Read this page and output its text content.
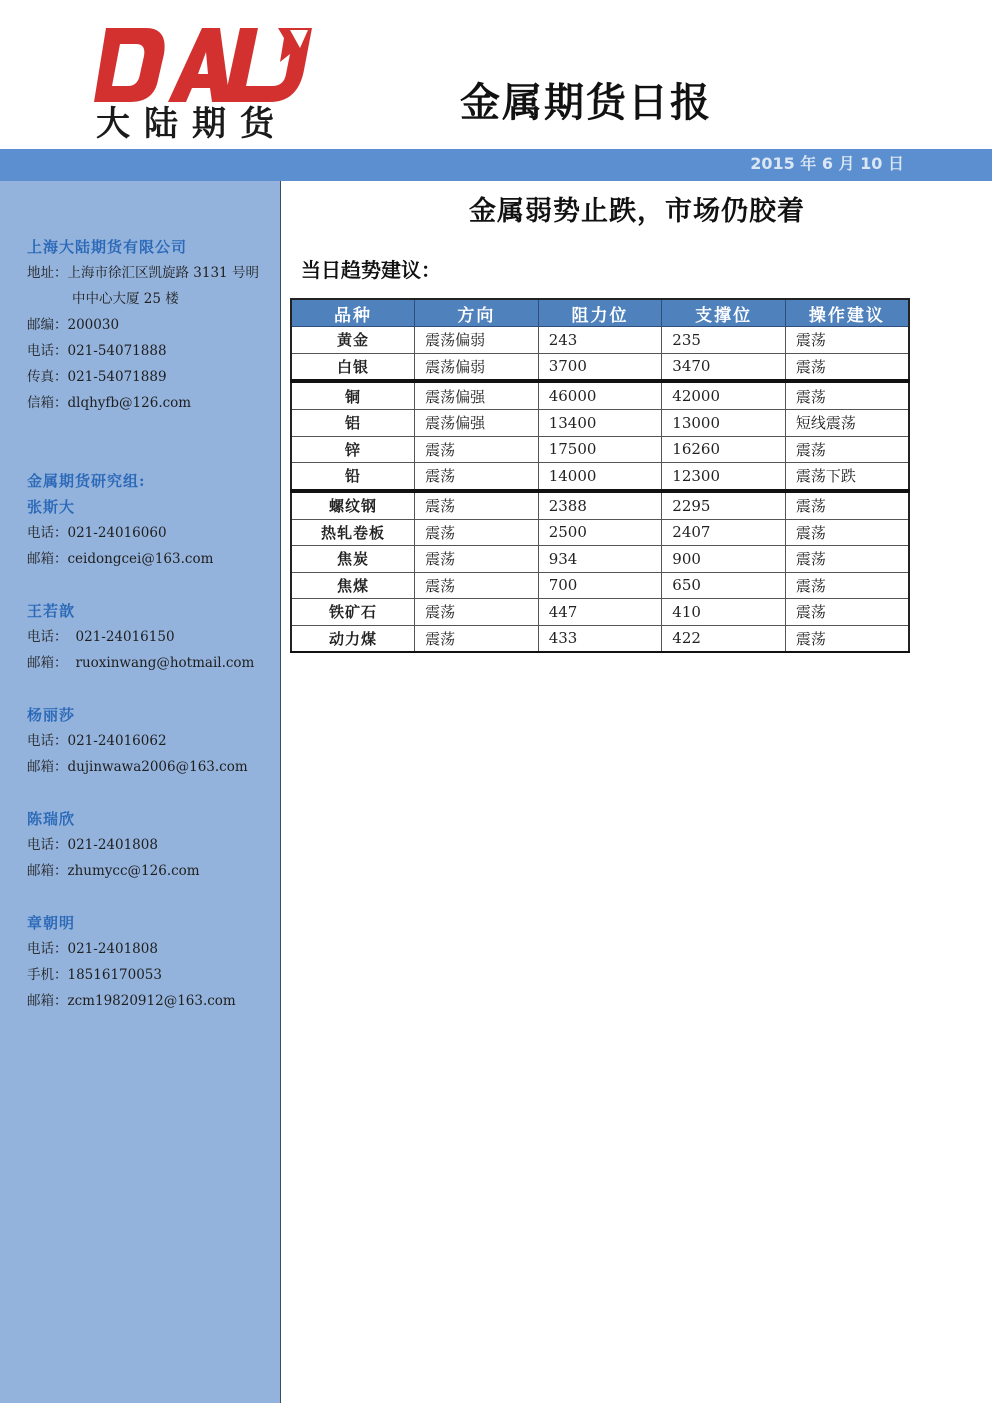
大陆期货	金属期货日报
2015 年 6 月 10 日
上海大陆期货有限公司
地址：上海市徐汇区凯旋路 3131 号明
中中心大厦 25 楼
邮编：200030
电话：021-54071888
传真：021-54071889
信箱：dlqhyfb@126.com
金属期货研究组:
张斯大
电话：021-24016060
邮箱：ceidongcei@163.com
王若歆
电话： 021-24016150
邮箱： ruoxinwang@hotmail.com
杨丽莎
电话：021-24016062
邮箱：dujinwawa2006@163.com
陈瑞欣
电话：021-2401808
邮箱：zhumycc@126.com
章朝明
电话：021-2401808
手机：18516170053
邮箱：zcm19820912@163.com
金属弱势止跌，市场仍胶着
当日趋势建议：
品种	方向	阻力位	支撑位	操作建议
黄金	震荡偏弱	243	235	震荡
白银	震荡偏弱	3700	3470	震荡
铜	震荡偏强	46000	42000	震荡
铝	震荡偏强	13400	13000	短线震荡
锌	震荡	17500	16260	震荡
铅	震荡	14000	12300	震荡下跌
螺纹钢	震荡	2388	2295	震荡
热轧卷板	震荡	2500	2407	震荡
焦炭	震荡	934	900	震荡
焦煤	震荡	700	650	震荡
铁矿石	震荡	447	410	震荡
动力煤	震荡	433	422	震荡
